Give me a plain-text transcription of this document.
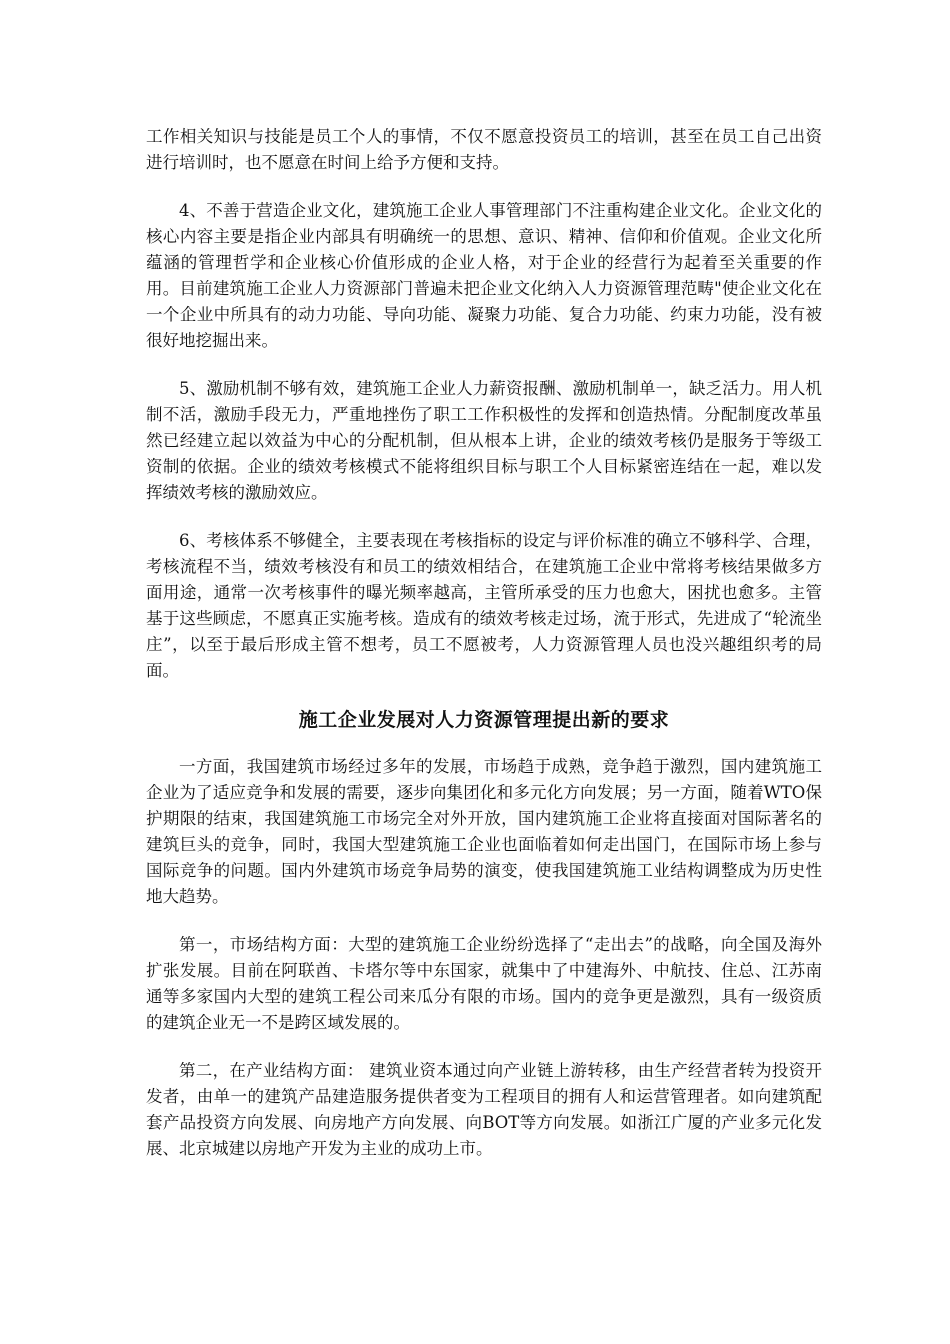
工作相关知识与技能是员工个人的事情，不仅不愿意投资员工的培训，甚至在员工自己出资进行培训时，也不愿意在时间上给予方便和支持。

4、不善于营造企业文化，建筑施工企业人事管理部门不注重构建企业文化。企业文化的核心内容主要是指企业内部具有明确统一的思想、意识、精神、信仰和价值观。企业文化所蕴涵的管理哲学和企业核心价值形成的企业人格，对于企业的经营行为起着至关重要的作用。目前建筑施工企业人力资源部门普遍未把企业文化纳入人力资源管理范畴"使企业文化在一个企业中所具有的动力功能、导向功能、凝聚力功能、复合力功能、约束力功能，没有被很好地挖掘出来。

5、激励机制不够有效，建筑施工企业人力薪资报酬、激励机制单一，缺乏活力。用人机制不活，激励手段无力，严重地挫伤了职工工作积极性的发挥和创造热情。分配制度改革虽然已经建立起以效益为中心的分配机制，但从根本上讲，企业的绩效考核仍是服务于等级工资制的依据。企业的绩效考核模式不能将组织目标与职工个人目标紧密连结在一起，难以发挥绩效考核的激励效应。

6、考核体系不够健全，主要表现在考核指标的设定与评价标准的确立不够科学、合理，考核流程不当，绩效考核没有和员工的绩效相结合，在建筑施工企业中常将考核结果做多方面用途，通常一次考核事件的曝光频率越高，主管所承受的压力也愈大，困扰也愈多。主管基于这些顾虑，不愿真正实施考核。造成有的绩效考核走过场，流于形式，先进成了“轮流坐庄”，以至于最后形成主管不想考，员工不愿被考，人力资源管理人员也没兴趣组织考的局面。

施工企业发展对人力资源管理提出新的要求

一方面，我国建筑市场经过多年的发展，市场趋于成熟，竞争趋于激烈，国内建筑施工企业为了适应竞争和发展的需要，逐步向集团化和多元化方向发展；另一方面，随着WTO保护期限的结束，我国建筑施工市场完全对外开放，国内建筑施工企业将直接面对国际著名的建筑巨头的竞争，同时，我国大型建筑施工企业也面临着如何走出国门，在国际市场上参与国际竞争的问题。国内外建筑市场竞争局势的演变，使我国建筑施工业结构调整成为历史性地大趋势。

第一，市场结构方面：大型的建筑施工企业纷纷选择了“走出去”的战略，向全国及海外扩张发展。目前在阿联酋、卡塔尔等中东国家，就集中了中建海外、中航技、住总、江苏南通等多家国内大型的建筑工程公司来瓜分有限的市场。国内的竞争更是激烈，具有一级资质的建筑企业无一不是跨区域发展的。

第二，在产业结构方面： 建筑业资本通过向产业链上游转移，由生产经营者转为投资开发者，由单一的建筑产品建造服务提供者变为工程项目的拥有人和运营管理者。如向建筑配套产品投资方向发展、向房地产方向发展、向BOT等方向发展。如浙江广厦的产业多元化发展、北京城建以房地产开发为主业的成功上市。
